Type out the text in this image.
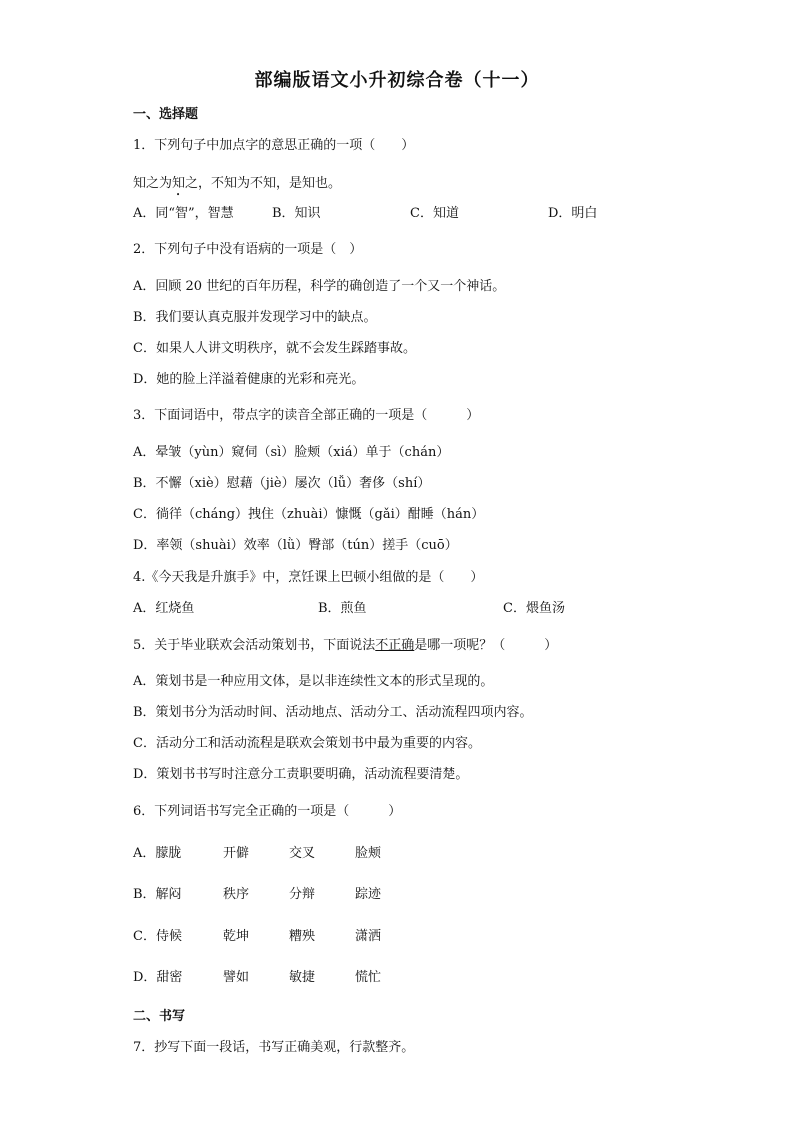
部编版语文小升初综合卷（十一）
一、选择题
1．下列句子中加点字的意思正确的一项（　　）
知之为知之，不知为不知，是知也。
A．同“智”，智慧	B．知识	C．知道	D．明白
2．下列句子中没有语病的一项是（　）
A．回顾 20 世纪的百年历程，科学的确创造了一个又一个神话。
B．我们要认真克服并发现学习中的缺点。
C．如果人人讲文明秩序，就不会发生踩踏事故。
D．她的脸上洋溢着健康的光彩和亮光。
3．下面词语中，带点字的读音全部正确的一项是（　　　）
A．晕皱（yùn）窥伺（sì）脸颊（xiá）单于（chán）
B．不懈（xiè）慰藉（jiè）屡次（lǚ）奢侈（shí）
C．徜徉（cháng）拽住（zhuài）慷慨（gǎi）酣睡（hán）
D．率领（shuài）效率（lǜ）臀部（tún）搓手（cuō）
4.《今天我是升旗手》中，烹饪课上巴顿小组做的是（　　）
A．红烧鱼	B．煎鱼	C．煨鱼汤
5．关于毕业联欢会活动策划书，下面说法不正确是哪一项呢？（　　　）
A．策划书是一种应用文体，是以非连续性文本的形式呈现的。
B．策划书分为活动时间、活动地点、活动分工、活动流程四项内容。
C．活动分工和活动流程是联欢会策划书中最为重要的内容。
D．策划书书写时注意分工责职要明确，活动流程要清楚。
6．下列词语书写完全正确的一项是（　　　）
A．朦胧	开僻	交叉	脸颊
B．解闷	秩序	分辩	踪迹
C．侍候	乾坤	糟殃	潇洒
D．甜密	譬如	敏捷	慌忙
二、书写
7．抄写下面一段话，书写正确美观，行款整齐。
